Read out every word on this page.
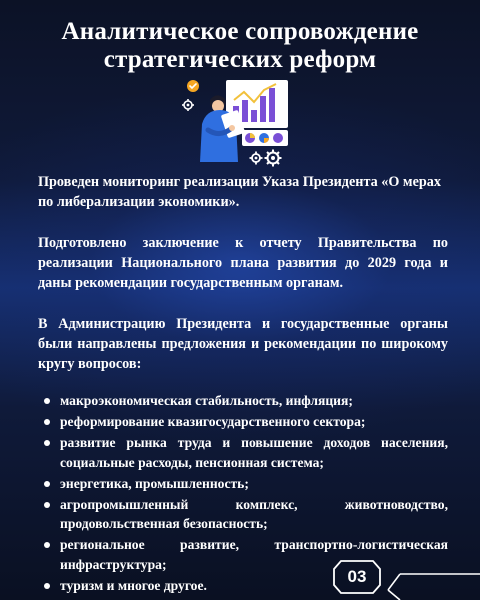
Аналитическое сопровождение
стратегических реформ
Проведен мониторинг реализации Указа Президента «О мерах по либерализации экономики».
Подготовлено заключение к отчету Правительства по реализации Национального плана развития до 2029 года и даны рекомендации государственным органам.
В Администрацию Президента и государственные органы были направлены предложения и рекомендации по широкому кругу вопросов:
макроэкономическая стабильность, инфляция;
реформирование квазигосударственного сектора;
развитие рынка труда и повышение доходов населения, социальные расходы, пенсионная система;
энергетика, промышленность;
агропромышленный комплекс, животноводство, продовольственная безопасность;
региональное развитие, транспортно-логистическая инфраструктура;
туризм и многое другое.	03
